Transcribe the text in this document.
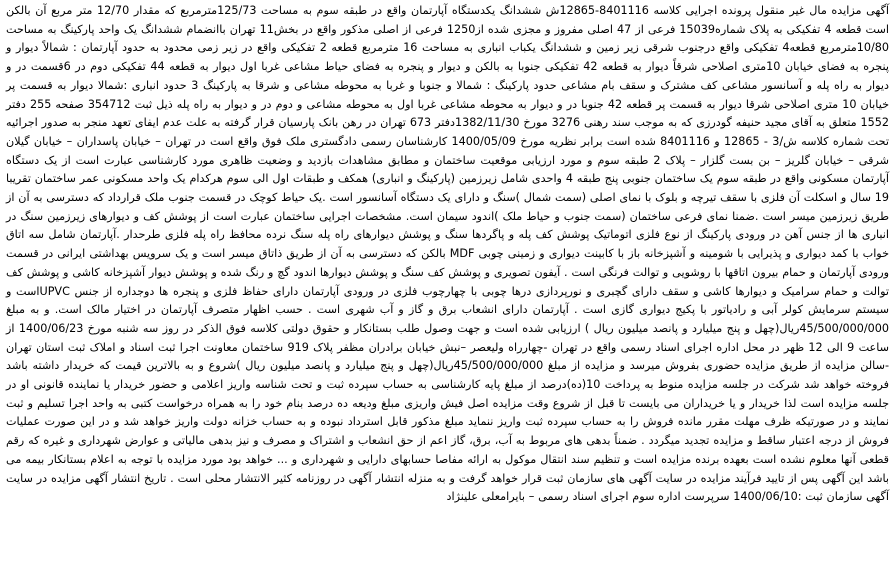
آگهی مزایده مال غیر منقول پرونده اجرایی کلاسه 8401116-12865ش ششدانگ یکدستگاه آپارتمان واقع در طبقه سوم به مساحت 125/73مترمربع که مقدار 12/70 متر مربع آن بالکن است قطعه 4 تفکیکی به پلاک شماره15039 فرعی از 47 اصلی مفروز و مجزی شده از1250 فرعی از اصلی مذکور واقع در بخش11 تهران باانضمام ششدانگ یک واحد پارکینگ به مساحت 10/80مترمربع قطعه4 تفکیکی واقع درجنوب شرقی زیر زمین و ششدانگ یکباب انباری به مساحت 16 مترمربع قطعه 2 تفکیکی واقع در زیر زمی محدود به حدود آپارتمان : شمالاً دیوار و پنجره به فضای خیابان 10متری اصلاحی شرقاً دیوار به قطعه 42 تفکیکی جنوبا به بالکن و دیوار و پنجره به فضای حیاط مشاعی غربا اول دیوار به قطعه 44 تفکیکی دوم در 6قسمت در و دیوار به راه پله و آسانسور مشاعی کف مشترک و سقف بام مشاعی حدود پارکینگ : شمالا و جنوبا و غربا به محوطه مشاعی و شرقا به پارکینگ 3 حدود انباری :شمالا دیوار به قسمت پر خیابان 10 متری اصلاحی شرقا دیوار به قسمت پر قطعه 42 جنوبا در و دیوار به محوطه مشاعی غربا اول به محوطه مشاعی و دوم در و دیوار به راه پله ذیل ثبت 354712 صفحه 255 دفتر 1552 متعلق به آقای مجید حنیفه گودرزی که به موجب سند رهنی 3276 مورخ 1382/11/30دفتر 673 تهران در رهن بانک پارسیان قرار گرفته به علت عدم ایفای تعهد منجر به صدور اجرائیه تحت شماره کلاسه ش/3 - 12865 و 8401116 شده است برابر نظریه مورخ 1400/05/09 کارشناسان رسمی دادگستری ملک فوق واقع است در تهران – خیابان پاسداران – خیابان گیلان شرقی – خیابان گلریز – بن بست گلزار – پلاک 2 طبقه سوم و مورد ارزیابی موقعیت ساختمان و مطابق مشاهدات بازدید و وضعیت ظاهری مورد کارشناسی عبارت است از یک دستگاه آپارتمان مسکونی واقع در طبقه سوم یک ساختمان جنوبی پنج طبقه 4 واحدی شامل زیرزمین (پارکینگ و انباری) همکف و طبقات اول الی سوم هرکدام یک واحد مسکونی عمر ساختمان تقریبا 19 سال و اسکلت آن فلزی با سقف تیرچه و بلوک با نمای اصلی (سمت شمال )سنگ و دارای یک دستگاه آسانسور است .یک حیاط کوچک در قسمت جنوب ملک قرارداد که دسترسی به آن از طریق زیرزمین میسر است .ضمنا نمای فرعی ساختمان (سمت جنوب و حیاط ملک )اندود سیمان است. مشخصات اجرایی ساختمان عبارت است از پوشش کف و دیوارهای زیرزمین سنگ در انباری ها از جنس آهن در ورودی پارکینگ از نوع فلزی اتوماتیک پوشش کف پله و پاگردها سنگ و پوشش دیوارهای راه پله سنگ نرده محافظ راه پله فلزی طرحدار .آپارتمان شامل سه اتاق خواب با کمد دیواری و پذیرایی با شومینه و آشپزخانه باز با کابینت دیواری و زمینی چوبی MDF بالکن که دسترسی به آن از طریق ذاتاق میسر است و یک سرویس بهداشتی ایرانی در قسمت ورودی آپارتمان و حمام بیرون اتاقها با روشویی و توالت فرنگی است . آیفون تصویری و پوشش کف سنگ و پوشش دیوارها اندود گچ و رنگ شده و پوشش دیوار آشپزخانه کاشی و پوشش کف توالت و حمام سرامیک و دیوارها کاشی و سقف دارای گچبری و نورپردازی درها چوبی با چهارچوب فلزی در ورودی آپارتمان دارای حفاظ فلزی و پنجره ها دوجداره از جنس UPVCاست و سیستم سرمایش کولر آبی و رادیاتور با پکیج دیواری گازی است . آپارتمان دارای انشعاب برق و گاز و آب شهری است . حسب اظهار متصرف آپارتمان در اختیار مالک است. و به مبلغ 45/500/000/000ریال(چهل و پنج میلیارد و پانصد میلیون ریال ) ارزیابی شده است و جهت وصول طلب بستانکار و حقوق دولتی کلاسه فوق الذکر در روز سه شنبه مورخ 1400/06/23 از ساعت 9 الی 12 ظهر در محل اداره اجرای اسناد رسمی واقع در تهران -چهارراه ولیعصر –نبش خیابان برادران مظفر پلاک 919 ساختمان معاونت اجرا ثبت اسناد و املاک ثبت استان تهران -سالن مزایده از طریق مزایده حضوری بفروش میرسد و مزایده از مبلغ 45/500/000/000ریال(چهل و پنج میلیارد و پانصد میلیون ریال )شروع و به بالاترین قیمت که خریدار داشته باشد فروخته خواهد شد شرکت در جلسه مزایده منوط به پرداخت 10(ده)درصد از مبلغ پایه کارشناسی به حساب سپرده ثبت و تحت شناسه واریز اعلامی و حضور خریدار یا نماینده قانونی او در جلسه مزایده است لذا خریدار و یا خریداران می بایست تا قبل از شروع وقت مزایده اصل فیش واریزی مبلغ ودیعه ده درصد بنام خود را به همراه درخواست کتبی به واحد اجرا تسلیم و ثبت نمایند و در صورتیکه ظرف مهلت مقرر مانده فروش را به حساب سپرده ثبت واریز ننماید مبلغ مذکور قابل استرداد نبوده و به حساب خزانه دولت واریز خواهد شد و در این صورت عملیات فروش از درجه اعتبار ساقط و مزایده تجدید میگردد . ضمناً بدهی های مربوط به آب، برق، گاز اعم از حق انشعاب و اشتراک و مصرف و نیز بدهی مالیاتی و عوارض شهرداری و غیره که رقم قطعی آنها معلوم نشده است بعهده برنده مزایده است و تنظیم سند انتقال موکول به ارائه مفاصا حسابهای دارایی و شهرداری و ... خواهد بود مورد مزایده با توجه به اعلام بستانکار بیمه می باشد این آگهی پس از تایید فرآیند مزایده در سایت آگهی های سازمان ثبت قرار خواهد گرفت و به منزله انتشار آگهی در روزنامه کثیر الانتشار محلی است . تاریخ انتشار آگهی مزایده در سایت آگهی سازمان ثبت :1400/06/10 سرپرست اداره سوم اجرای اسناد رسمی – بایرامعلی علینژاد
